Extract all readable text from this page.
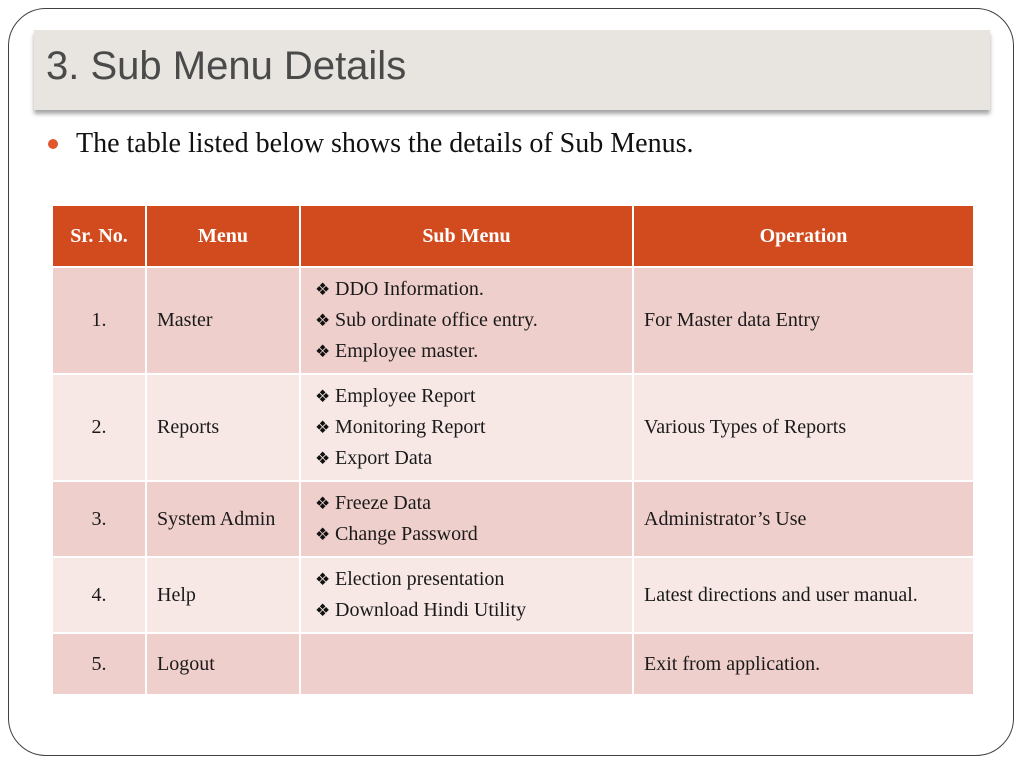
3. Sub Menu Details
The table listed below shows the details of Sub Menus.
Sr. No.	Menu	Sub Menu	Operation
1.	Master	❖ DDO Information.
❖ Sub ordinate office entry.
❖ Employee master.	For Master data Entry
2.	Reports	❖ Employee Report
❖ Monitoring Report
❖ Export Data	Various Types of Reports
3.	System Admin	❖ Freeze Data
❖ Change Password	Administrator’s Use
4.	Help	❖ Election presentation
❖ Download Hindi Utility	Latest directions and user manual.
5.	Logout		Exit from application.
